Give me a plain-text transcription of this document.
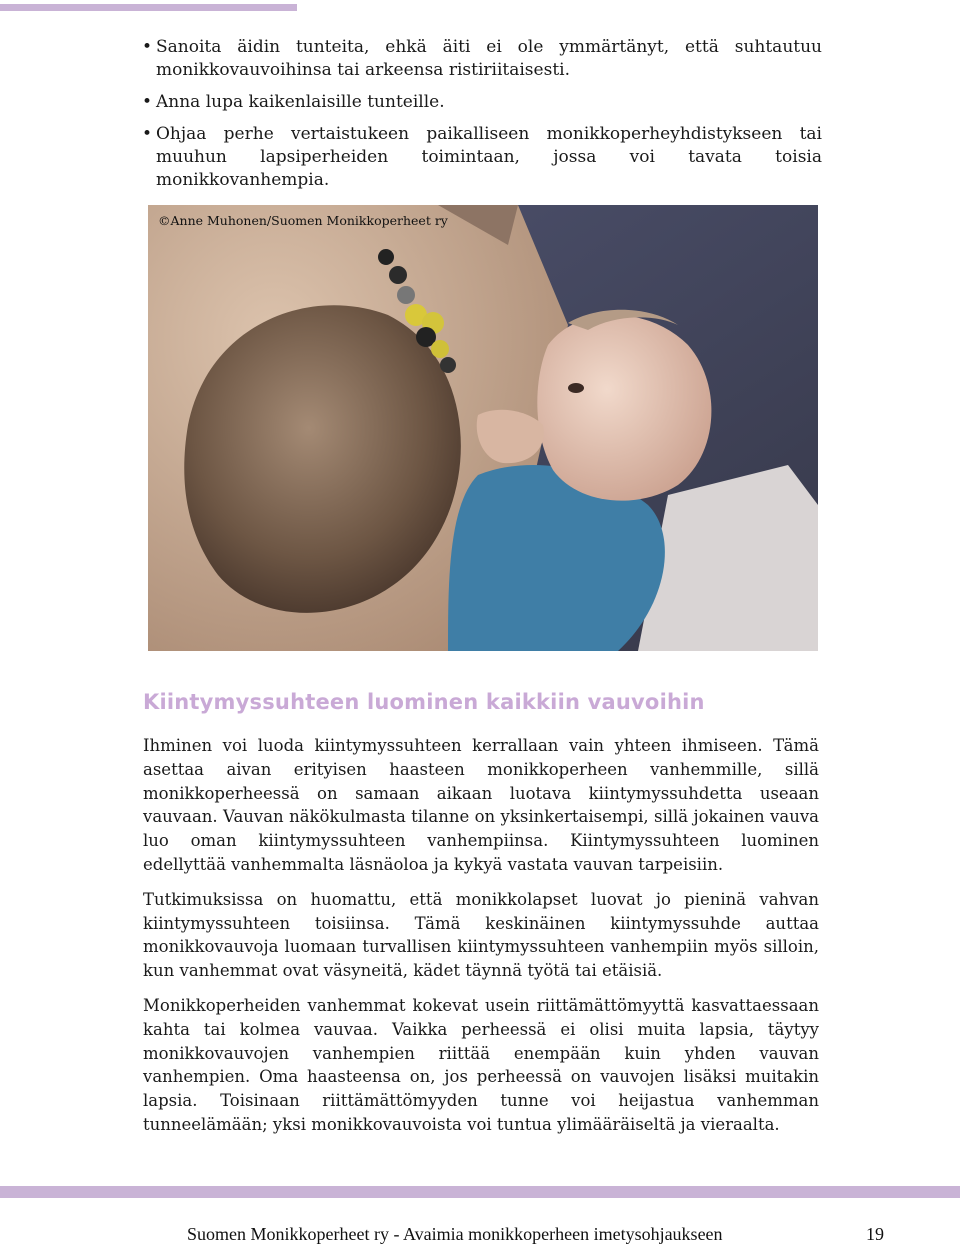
• Sanoita äidin tunteita, ehkä äiti ei ole ymmärtänyt, että suhtautuu monikkovauvoihinsa tai arkeensa ristiriitaisesti.
• Anna lupa kaikenlaisille tunteille.
• Ohjaa perhe vertaistukeen paikalliseen monikkoperheyhdistykseen tai muuhun lapsiperheiden toimintaan, jossa voi tavata toisia monikkovanhempia.
©Anne Muhonen/Suomen Monikkoperheet ry
Kiintymyssuhteen luominen kaikkiin vauvoihin

Ihminen voi luoda kiintymyssuhteen kerrallaan vain yhteen ihmiseen. Tämä asettaa aivan erityisen haasteen monikkoperheen vanhemmille, sillä monikkoperheessä on samaan aikaan luotava kiintymyssuhdetta useaan vauvaan. Vauvan näkökulmasta tilanne on yksinkertaisempi, sillä jokainen vauva luo oman kiintymyssuhteen vanhempiinsa. Kiintymyssuhteen luominen edellyttää vanhemmalta läsnäoloa ja kykyä vastata vauvan tarpeisiin.

Tutkimuksissa on huomattu, että monikkolapset luovat jo pieninä vahvan kiintymyssuhteen toisiinsa. Tämä keskinäinen kiintymyssuhde auttaa monikkovauvoja luomaan turvallisen kiintymyssuhteen vanhempiin myös silloin, kun vanhemmat ovat väsyneitä, kädet täynnä työtä tai etäisiä.

Monikkoperheiden vanhemmat kokevat usein riittämättömyyttä kasvattaessaan kahta tai kolmea vauvaa. Vaikka perheessä ei olisi muita lapsia, täytyy monikkovauvojen vanhempien riittää enempään kuin yhden vauvan vanhempien. Oma haasteensa on, jos perheessä on vauvojen lisäksi muitakin lapsia. Toisinaan riittämättömyyden tunne voi heijastua vanhemman tunneelämään; yksi monikkovauvoista voi tuntua ylimääräiseltä ja vieraalta.

Suomen Monikkoperheet ry - Avaimia monikkoperheen imetysohjaukseen	19
